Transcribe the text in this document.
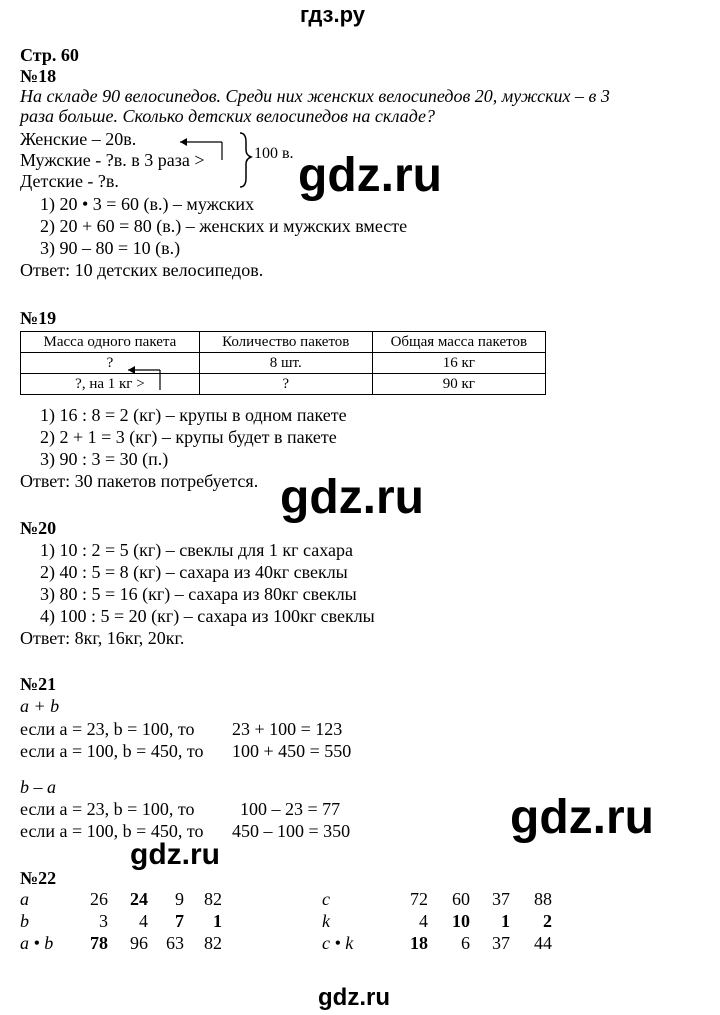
гдз.ру
Стр. 60
№18
На складе 90 велосипедов. Среди них женских велосипедов 20, мужских – в 3
раза больше. Сколько детских велосипедов на складе?
Женские – 20в.
Мужские - ?в. в 3 раза >
Детские - ?в.
100 в.
1) 20 • 3 = 60 (в.) – мужских
2) 20 + 60 = 80 (в.) – женских и мужских вместе
3) 90 – 80 = 10 (в.)
Ответ: 10 детских велосипедов.
№19
Масса одного пакета	Количество пакетов	Общая масса пакетов
?	8 шт.	16 кг
?, на 1 кг >	?	90 кг
1) 16 : 8 = 2 (кг) – крупы в одном пакете
2) 2 + 1 = 3 (кг) – крупы будет в пакете
3) 90 : 3 = 30 (п.)
Ответ: 30 пакетов потребуется.
№20
1) 10 : 2 = 5 (кг) – свеклы для 1 кг сахара
2) 40 : 5 = 8 (кг) – сахара из 40кг свеклы
3) 80 : 5 = 16 (кг) – сахара из 80кг свеклы
4) 100 : 5 = 20 (кг) – сахара из 100кг свеклы
Ответ: 8кг, 16кг, 20кг.
№21
a + b
если a = 23, b = 100, то 23 + 100 = 123
если a = 100, b = 450, то 100 + 450 = 550
b – a
если a = 23, b = 100, то	100 – 23 = 77
если a = 100, b = 450, то 450 – 100 = 350
№22
a	26	24	9	82
b	3	4	7	1
a • b	78	96	63	82
c	72	60	37	88
k	4	10	1	2
c • k	18	6	37	44
gdz.ru
gdz.ru
gdz.ru
gdz.ru
gdz.ru
